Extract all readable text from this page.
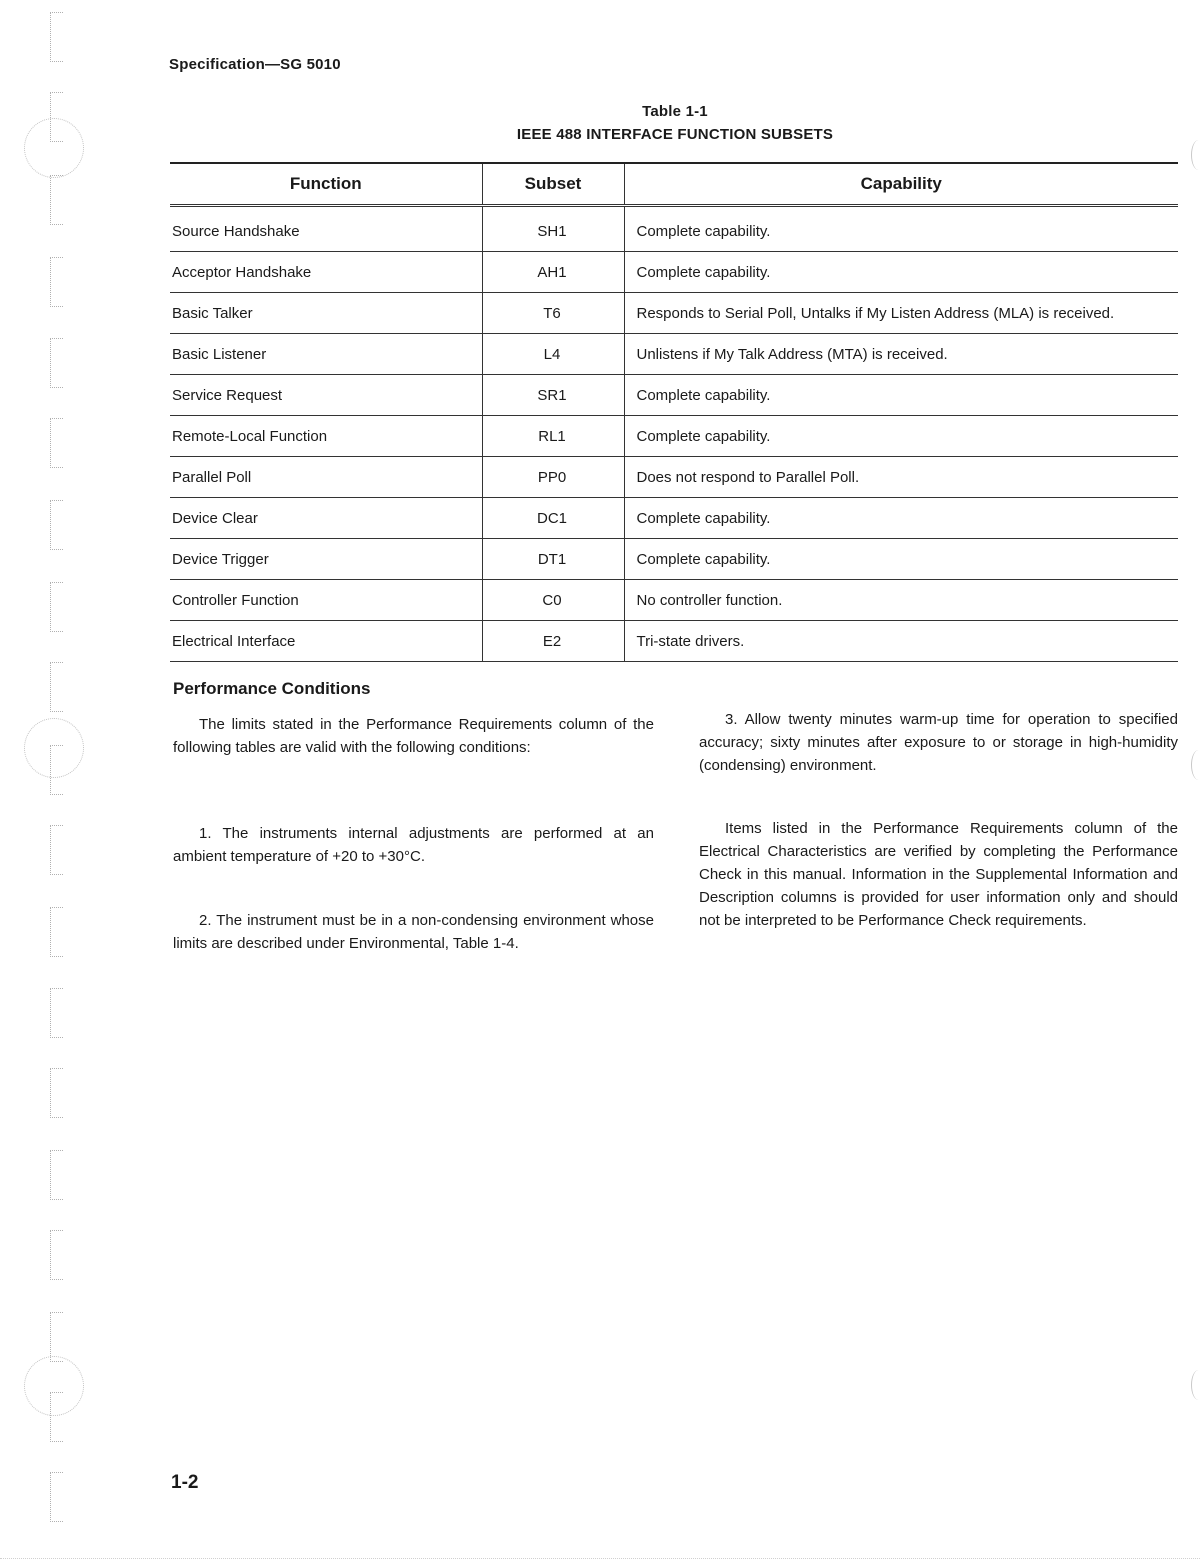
Specification—SG 5010
Table 1-1
IEEE 488 INTERFACE FUNCTION SUBSETS
Function	Subset	Capability
Source Handshake	SH1	Complete capability.
Acceptor Handshake	AH1	Complete capability.
Basic Talker	T6	Responds to Serial Poll, Untalks if My Listen Address (MLA) is received.
Basic Listener	L4	Unlistens if My Talk Address (MTA) is received.
Service Request	SR1	Complete capability.
Remote-Local Function	RL1	Complete capability.
Parallel Poll	PP0	Does not respond to Parallel Poll.
Device Clear	DC1	Complete capability.
Device Trigger	DT1	Complete capability.
Controller Function	C0	No controller function.
Electrical Interface	E2	Tri-state drivers.
Performance Conditions

The limits stated in the Performance Requirements column of the following tables are valid with the following conditions:

1. The instruments internal adjustments are performed at an ambient temperature of +20 to +30°C.

2. The instrument must be in a non-condensing environment whose limits are described under Environmental, Table 1-4.

3. Allow twenty minutes warm-up time for operation to specified accuracy; sixty minutes after exposure to or storage in high-humidity (condensing) environment.

Items listed in the Performance Requirements column of the Electrical Characteristics are verified by completing the Performance Check in this manual. Information in the Supplemental Information and Description columns is provided for user information only and should not be interpreted to be Performance Check requirements.

1-2
